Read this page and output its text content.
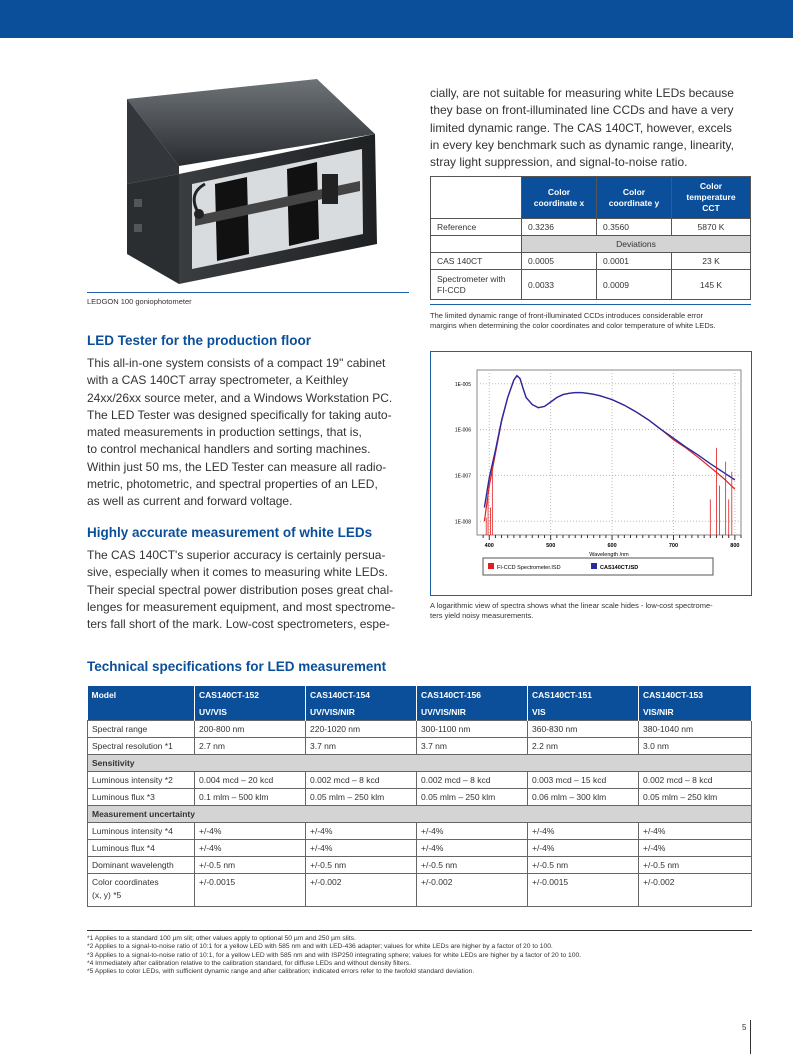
LEDGON 100 goniophotometer
cially, are not suitable for measuring white LEDs because
they base on front-illuminated line CCDs and have a very
limited dynamic range. The CAS 140CT, however, excels
in every key benchmark such as dynamic range, linearity,
stray light suppression, and signal-to-noise ratio.
	Color coordinate x	Color coordinate y	Color temperature CCT
Reference	0.3236	0.3560	5870 K
	Deviations		
CAS 140CT	0.0005	0.0001	23 K
Spectrometer with FI-CCD	0.0033	0.0009	145 K
The limited dynamic range of front-illuminated CCDs introduces considerable error
margins when determining the color coordinates and color temperature of white LEDs.
LED Tester for the production floor
This all-in-one system consists of a compact 19" cabinet
with a CAS 140CT array spectrometer, a Keithley
24xx/26xx source meter, and a Windows Workstation PC.
The LED Tester was designed specifically for taking auto-
mated measurements in production settings, that is,
to control mechanical handlers and sorting machines.
Within just 50 ms, the LED Tester can measure all radio-
metric, photometric, and spectral properties of an LED,
as well as current and forward voltage.
Highly accurate measurement of white LEDs
The CAS 140CT's superior accuracy is certainly persua-
sive, especially when it comes to measuring white LEDs.
Their special spectral power distribution poses great chal-
lenges for measurement equipment, and most spectrome-
ters fall short of the mark. Low-cost spectrometers, espe-
1E-005
1E-006
1E-007
1E-008
400	500	600	700	800
Wavelength /nm
FI-CCD Spectrometer.ISD	CAS140CT.ISD
A logarithmic view of spectra shows what the linear scale hides - low-cost spectrome-
ters yield noisy measurements.
Technical specifications for LED measurement
Model	CAS140CT-152	CAS140CT-154	CAS140CT-156	CAS140CT-151	CAS140CT-153
	UV/VIS	UV/VIS/NIR	UV/VIS/NIR	VIS	VIS/NIR
Spectral range	200-800 nm	220-1020 nm	300-1100 nm	360-830 nm	380-1040 nm
Spectral resolution *1	2.7 nm	3.7 nm	3.7 nm	2.2 nm	3.0 nm
Sensitivity					
Luminous intensity *2	0.004 mcd – 20 kcd	0.002 mcd – 8 kcd	0.002 mcd – 8 kcd	0.003 mcd – 15 kcd	0.002 mcd – 8 kcd
Luminous flux *3	0.1 mlm – 500 klm	0.05 mlm – 250 klm	0.05 mlm – 250 klm	0.06 mlm – 300 klm	0.05 mlm – 250 klm
Measurement uncertainty					
Luminous intensity *4	+/-4%	+/-4%	+/-4%	+/-4%	+/-4%
Luminous flux *4	+/-4%	+/-4%	+/-4%	+/-4%	+/-4%
Dominant wavelength	+/-0.5 nm	+/-0.5 nm	+/-0.5 nm	+/-0.5 nm	+/-0.5 nm
Color coordinates
(x, y) *5	+/-0.0015	+/-0.002	+/-0.002	+/-0.0015	+/-0.002
*1 Applies to a standard 100 µm slit; other values apply to optional 50 µm and 250 µm slits.
*2 Applies to a signal-to-noise ratio of 10:1 for a yellow LED with 585 nm and with LED-436 adapter; values for white LEDs are higher by a factor of 20 to 100.
*3 Applies to a signal-to-noise ratio of 10:1, for a yellow LED with 585 nm and with ISP250 integrating sphere; values for white LEDs are higher by a factor of 20 to 100.
*4 Immediately after calibration relative to the calibration standard, for diffuse LEDs and without density filters.
*5 Applies to color LEDs, with sufficient dynamic range and after calibration; indicated errors refer to the twofold standard deviation.
5
